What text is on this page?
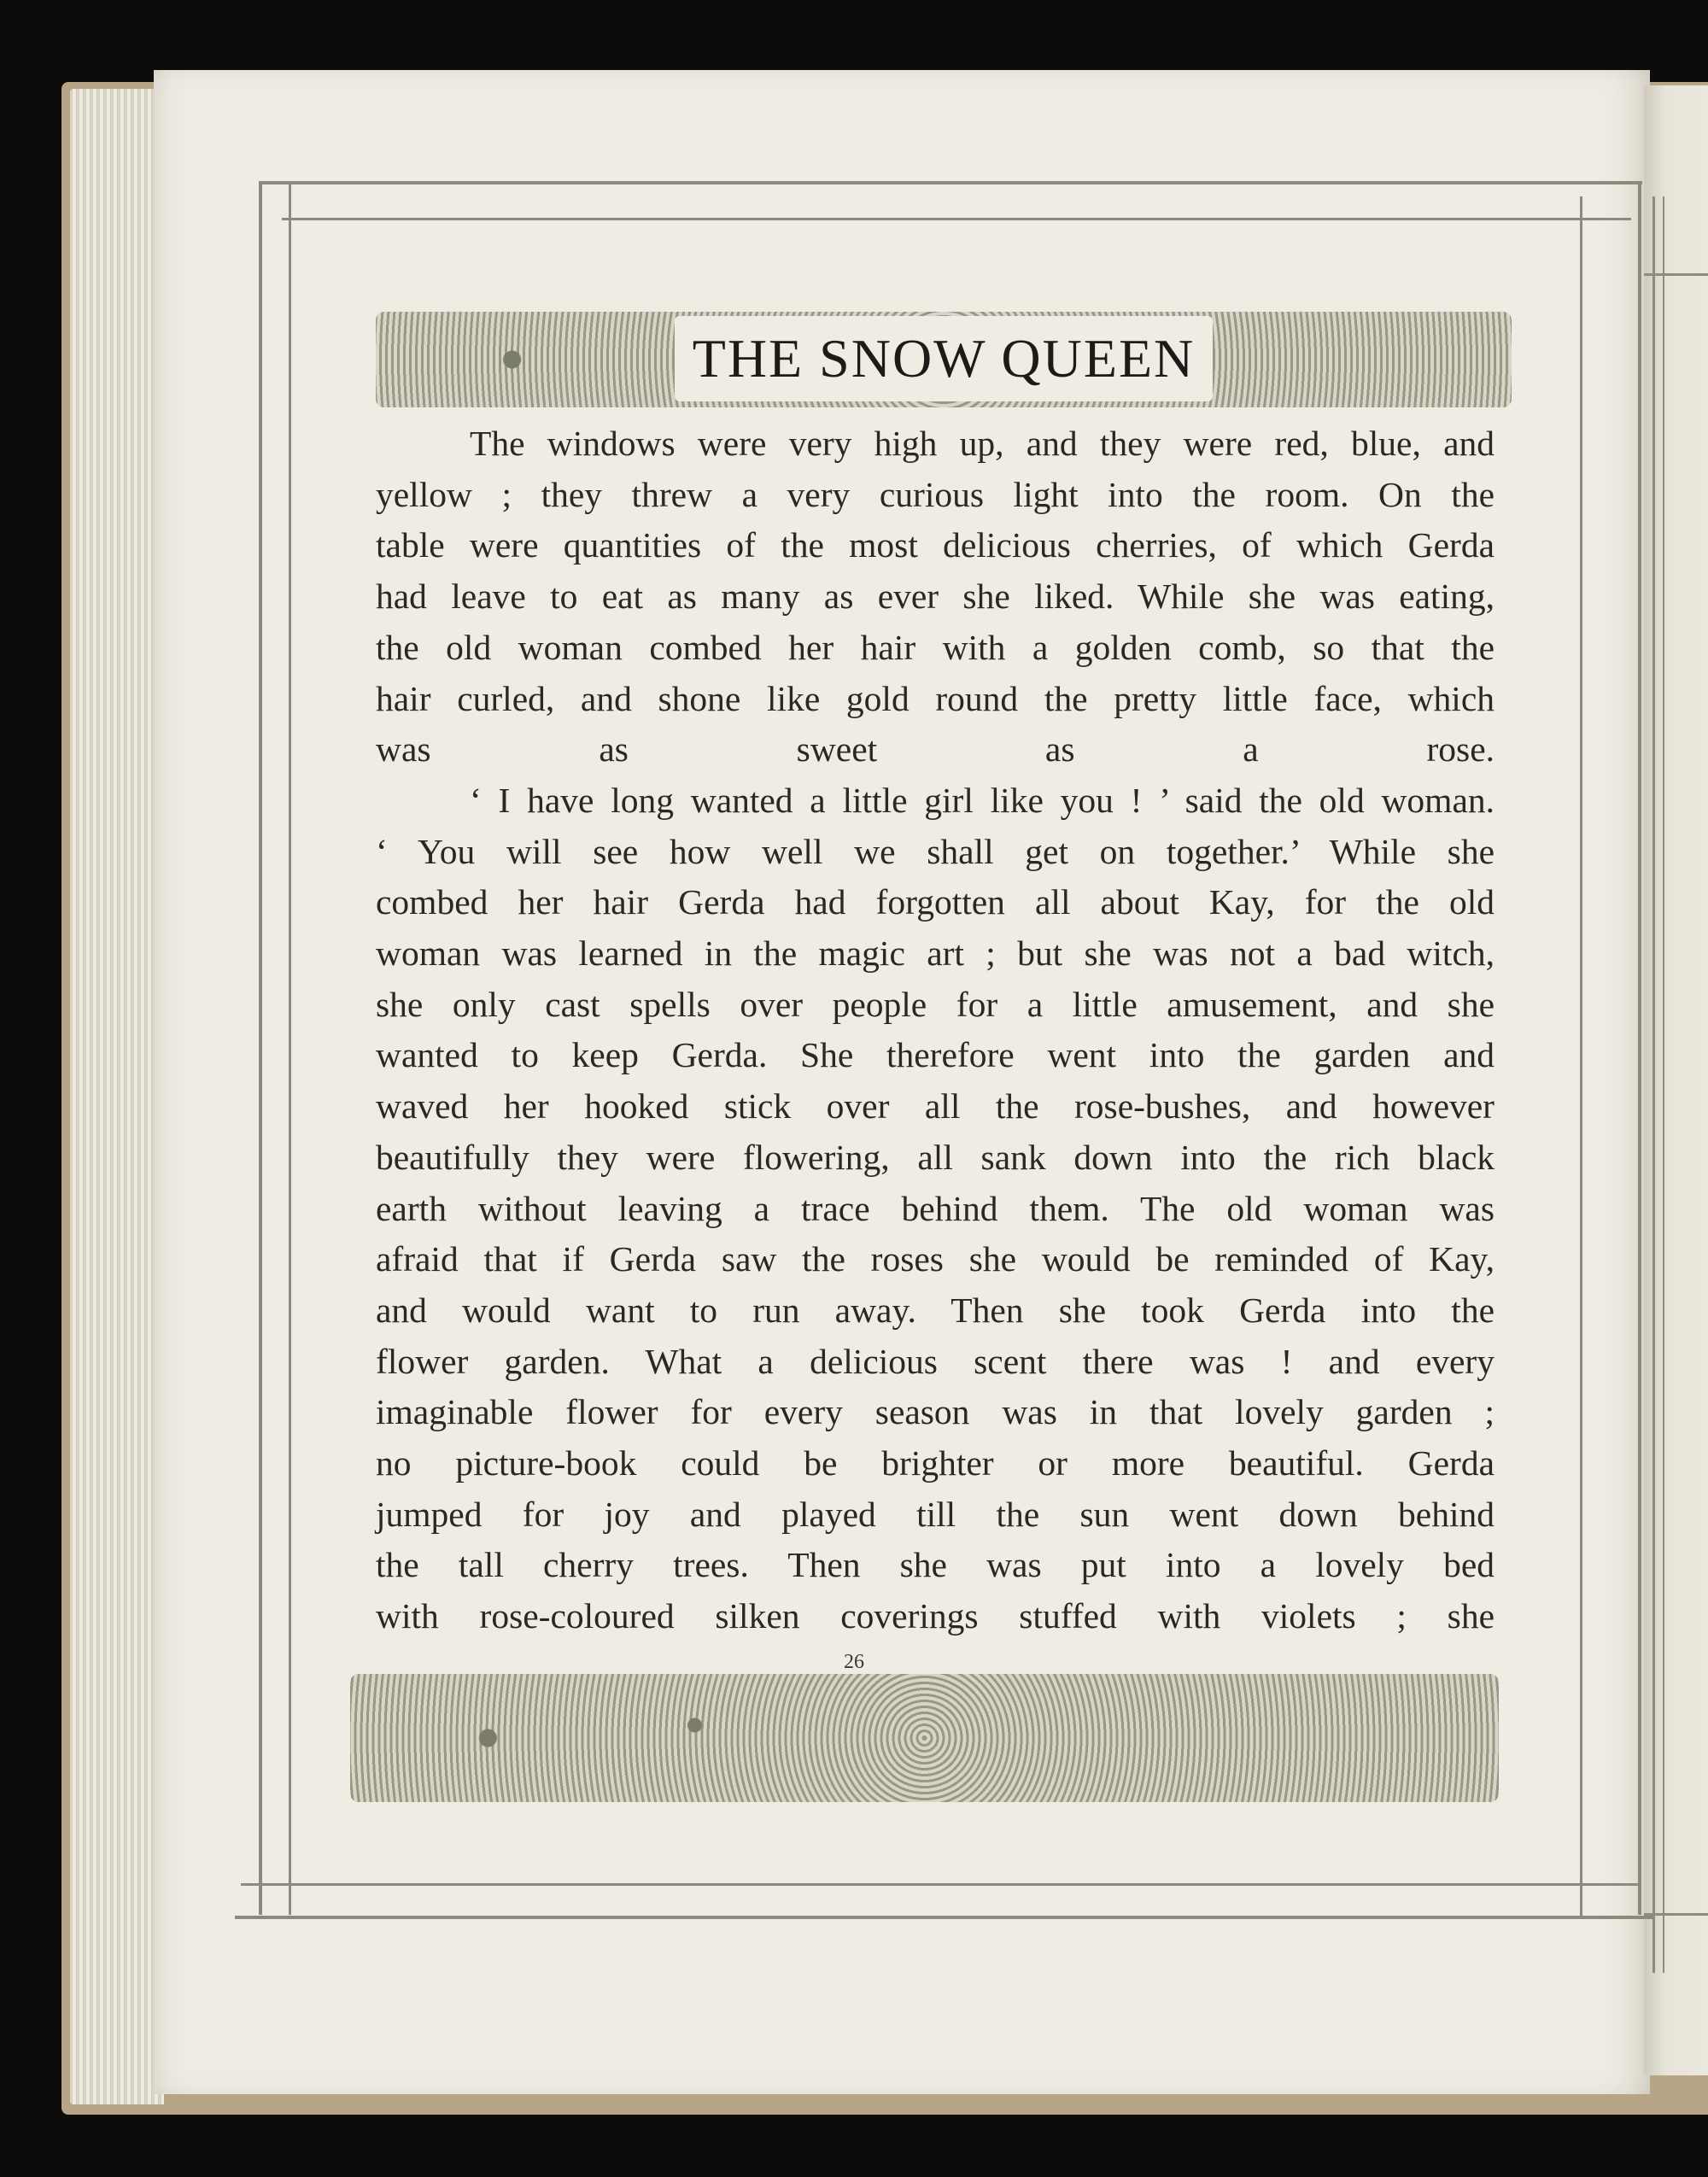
THE SNOW QUEEN

The windows were very high up, and they were red, blue, and
yellow ; they threw a very curious light into the room. On the
table were quantities of the most delicious cherries, of which Gerda
had leave to eat as many as ever she liked. While she was eating,
the old woman combed her hair with a golden comb, so that the
hair curled, and shone like gold round the pretty little face, which
was as sweet as a rose.

‘ I have long wanted a little girl like you ! ’ said the old woman.
‘ You will see how well we shall get on together.’ While she
combed her hair Gerda had forgotten all about Kay, for the old
woman was learned in the magic art ; but she was not a bad witch,
she only cast spells over people for a little amusement, and she
wanted to keep Gerda. She therefore went into the garden and
waved her hooked stick over all the rose-bushes, and however
beautifully they were flowering, all sank down into the rich black
earth without leaving a trace behind them. The old woman was
afraid that if Gerda saw the roses she would be reminded of Kay,
and would want to run away. Then she took Gerda into the
flower garden. What a delicious scent there was ! and every
imaginable flower for every season was in that lovely garden ;
no picture-book could be brighter or more beautiful. Gerda
jumped for joy and played till the sun went down behind
the tall cherry trees. Then she was put into a lovely bed
with rose-coloured silken coverings stuffed with violets ; she

26
